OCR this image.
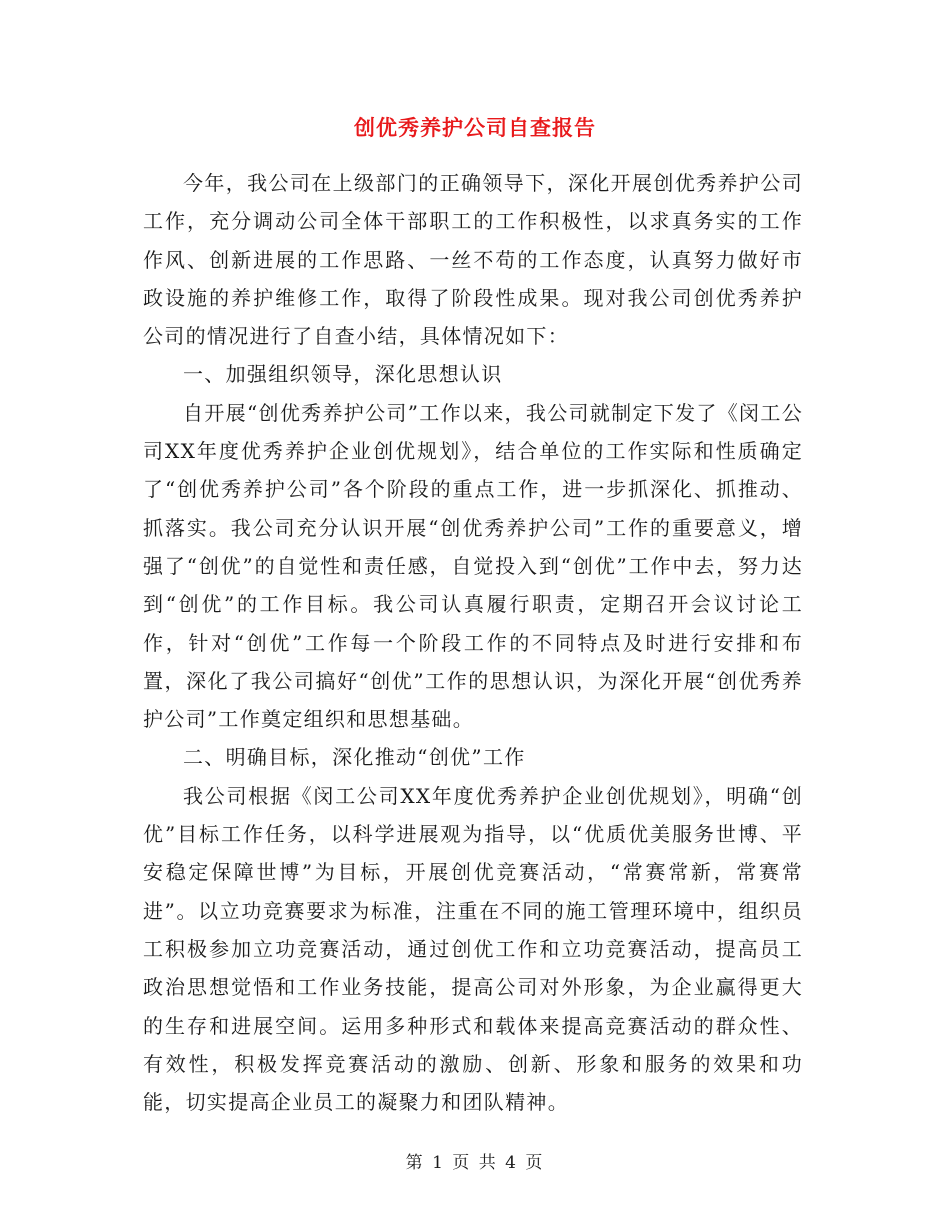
创优秀养护公司自查报告

今年，我公司在上级部门的正确领导下，深化开展创优秀养护公司工作，充分调动公司全体干部职工的工作积极性，以求真务实的工作作风、创新进展的工作思路、一丝不苟的工作态度，认真努力做好市政设施的养护维修工作，取得了阶段性成果。现对我公司创优秀养护公司的情况进行了自查小结，具体情况如下：

一、加强组织领导，深化思想认识

自开展“创优秀养护公司”工作以来，我公司就制定下发了《闵工公司XX年度优秀养护企业创优规划》，结合单位的工作实际和性质确定了“创优秀养护公司”各个阶段的重点工作，进一步抓深化、抓推动、抓落实。我公司充分认识开展“创优秀养护公司”工作的重要意义，增强了“创优”的自觉性和责任感，自觉投入到“创优”工作中去，努力达到“创优”的工作目标。我公司认真履行职责，定期召开会议讨论工作，针对“创优”工作每一个阶段工作的不同特点及时进行安排和布置，深化了我公司搞好“创优”工作的思想认识，为深化开展“创优秀养护公司”工作奠定组织和思想基础。

二、明确目标，深化推动“创优”工作

我公司根据《闵工公司XX年度优秀养护企业创优规划》，明确“创优”目标工作任务，以科学进展观为指导，以“优质优美服务世博、平安稳定保障世博”为目标，开展创优竞赛活动，“常赛常新，常赛常进”。以立功竞赛要求为标准，注重在不同的施工管理环境中，组织员工积极参加立功竞赛活动，通过创优工作和立功竞赛活动，提高员工政治思想觉悟和工作业务技能，提高公司对外形象，为企业赢得更大的生存和进展空间。运用多种形式和载体来提高竞赛活动的群众性、有效性，积极发挥竞赛活动的激励、创新、形象和服务的效果和功能，切实提高企业员工的凝聚力和团队精神。

第 1 页 共 4 页
